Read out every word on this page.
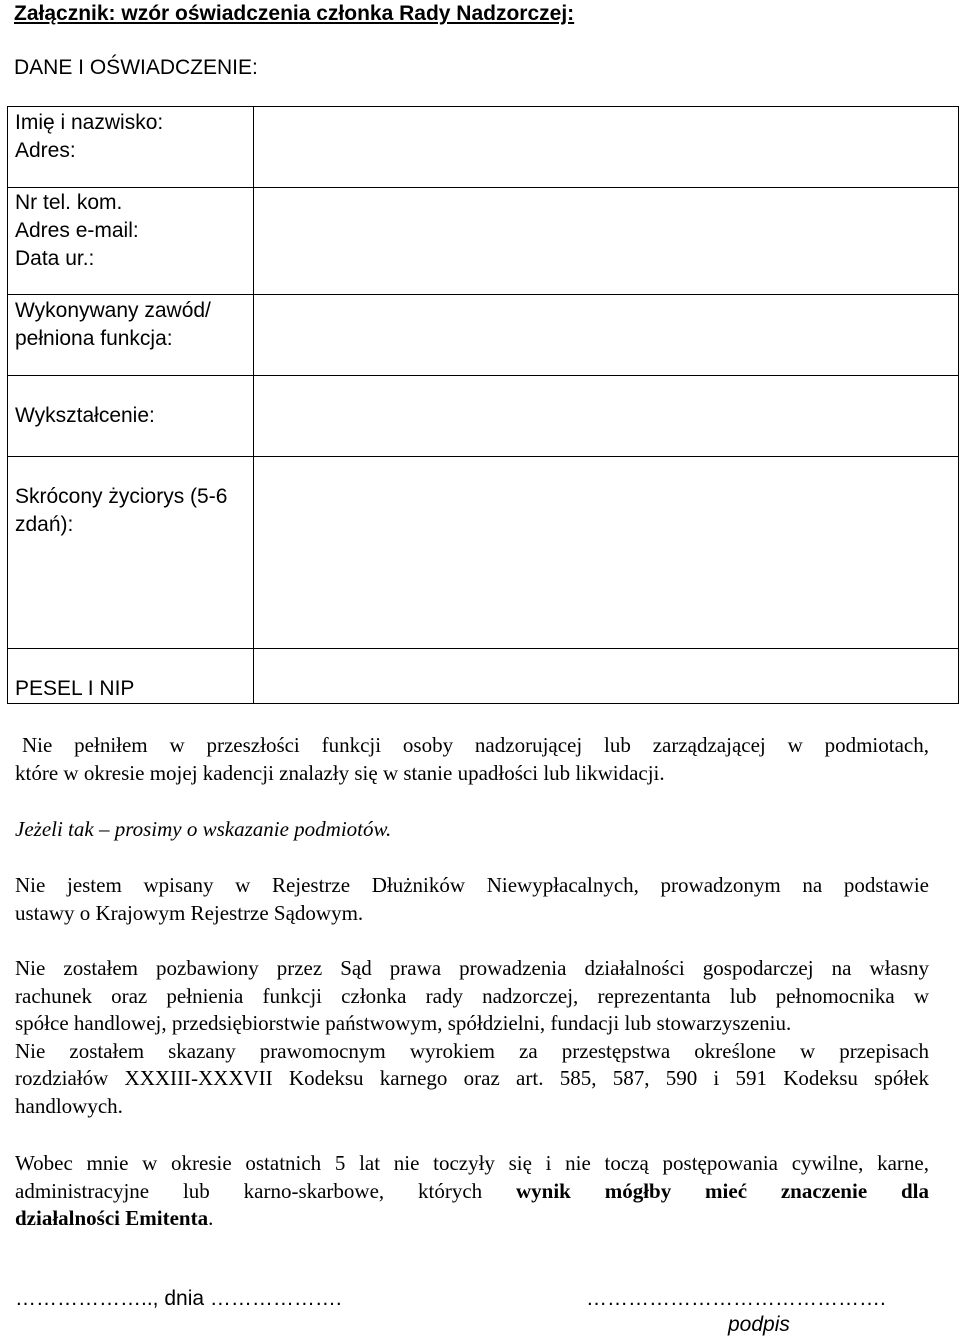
Załącznik: wzór oświadczenia członka Rady Nadzorczej:
DANE I OŚWIADCZENIE:
Imię i nazwisko:
Adres:	

Nr tel. kom.
Adres e-mail:
Data ur.:	

Wykonywany zawód/
pełniona funkcja:	

Wykształcenie:	

Skrócony życiorys (5-6
zdań):	

PESEL I NIP	

Nie pełniłem w przeszłości funkcji osoby nadzorującej lub zarządzającej w podmiotach,
które w okresie mojej kadencji znalazły się w stanie upadłości lub likwidacji.
Jeżeli tak – prosimy o wskazanie podmiotów.
Nie jestem wpisany w Rejestrze Dłużników Niewypłacalnych, prowadzonym na podstawie
ustawy o Krajowym Rejestrze Sądowym.
Nie zostałem pozbawiony przez Sąd prawa prowadzenia działalności gospodarczej na własny
rachunek oraz pełnienia funkcji członka rady nadzorczej, reprezentanta lub pełnomocnika w
spółce handlowej, przedsiębiorstwie państwowym, spółdzielni, fundacji lub stowarzyszeniu.
Nie zostałem skazany prawomocnym wyrokiem za przestępstwa określone w przepisach
rozdziałów XXXIII-XXXVII Kodeksu karnego oraz art. 585, 587, 590 i 591 Kodeksu spółek
handlowych.
Wobec mnie w okresie ostatnich 5 lat nie toczyły się i nie toczą postępowania cywilne, karne,
administracyjne lub karno-skarbowe, których wynik mógłby mieć znaczenie dla
działalności Emitenta.
……………….., dnia ……………….	…………………………………….
podpis
